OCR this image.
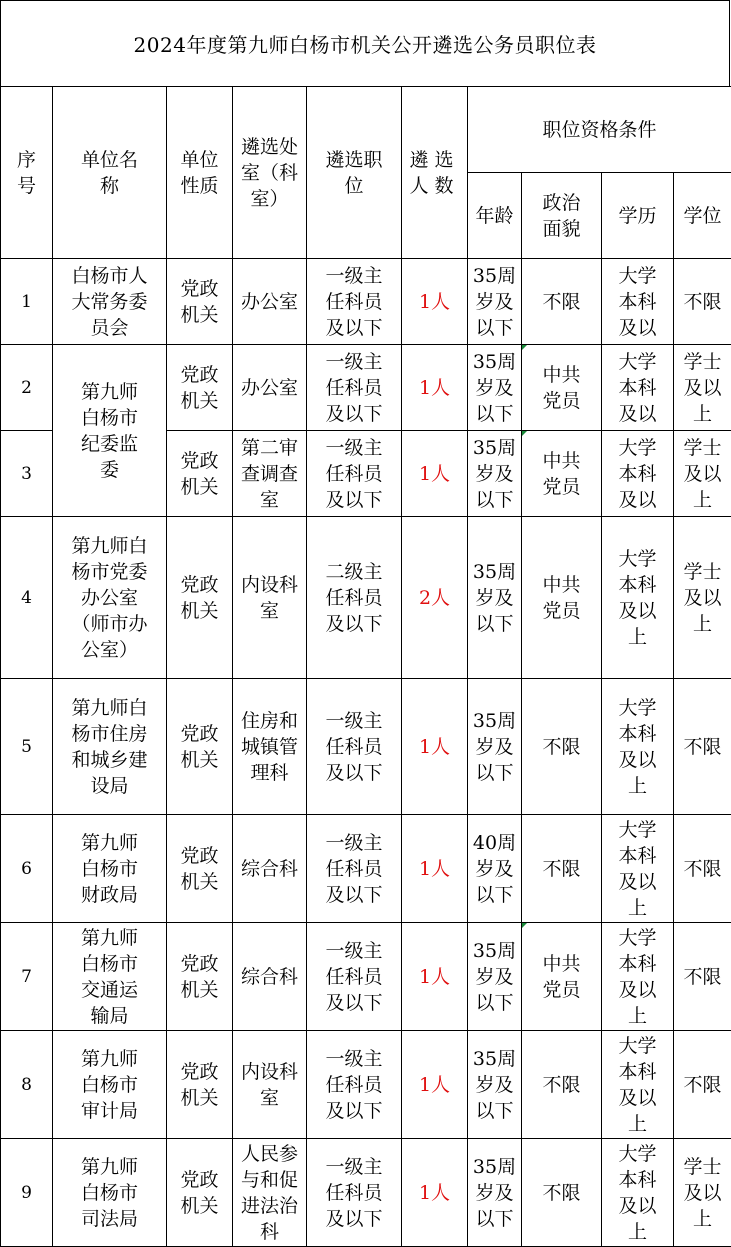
2024年度第九师白杨市机关公开遴选公务员职位表
序号	单位名称	单位性质	遴选处室（科室）	遴选职位	遴选人数	职位资格条件			
						年龄	政治面貌	学历	学位
1	白杨市人大常务委员会	党政机关	办公室	一级主任科员及以下	1人	35周岁及以下	不限	大学本科及以	不限
2	第九师白杨市纪委监委	党政机关	办公室	一级主任科员及以下	1人	35周岁及以下	中共党员	大学本科及以	学士及以上
3		党政机关	第二审查调查室	一级主任科员及以下	1人	35周岁及以下	中共党员	大学本科及以	学士及以上
4	第九师白杨市党委办公室（师市办公室）	党政机关	内设科室	二级主任科员及以下	2人	35周岁及以下	中共党员	大学本科及以上	学士及以上
5	第九师白杨市住房和城乡建设局	党政机关	住房和城镇管理科	一级主任科员及以下	1人	35周岁及以下	不限	大学本科及以上	不限
6	第九师白杨市财政局	党政机关	综合科	一级主任科员及以下	1人	40周岁及以下	不限	大学本科及以上	不限
7	第九师白杨市交通运输局	党政机关	综合科	一级主任科员及以下	1人	35周岁及以下	中共党员	大学本科及以上	不限
8	第九师白杨市审计局	党政机关	内设科室	一级主任科员及以下	1人	35周岁及以下	不限	大学本科及以上	不限
9	第九师白杨市司法局	党政机关	人民参与和促进法治科	一级主任科员及以下	1人	35周岁及以下	不限	大学本科及以上	学士及以上
